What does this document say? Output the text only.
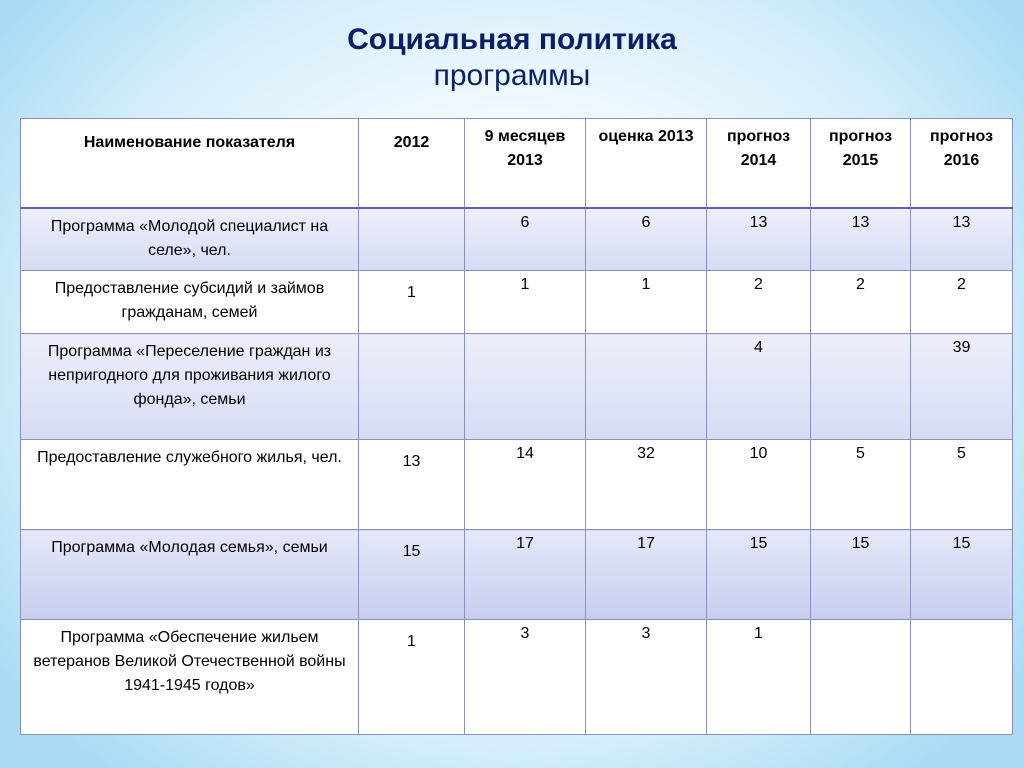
Социальная политика
программы
Наименование показателя	2012	9 месяцев 2013	оценка 2013	прогноз 2014	прогноз 2015	прогноз 2016
Программа «Молодой специалист на селе», чел.		6	6	13	13	13
Предоставление субсидий и займов гражданам, семей	1	1	1	2	2	2
Программа «Переселение граждан из непригодного для проживания жилого фонда», семьи				4		39
Предоставление служебного жилья, чел.	13	14	32	10	5	5
Программа «Молодая семья», семьи	15	17	17	15	15	15
Программа «Обеспечение жильем ветеранов Великой Отечественной войны 1941-1945 годов»	1	3	3	1		
